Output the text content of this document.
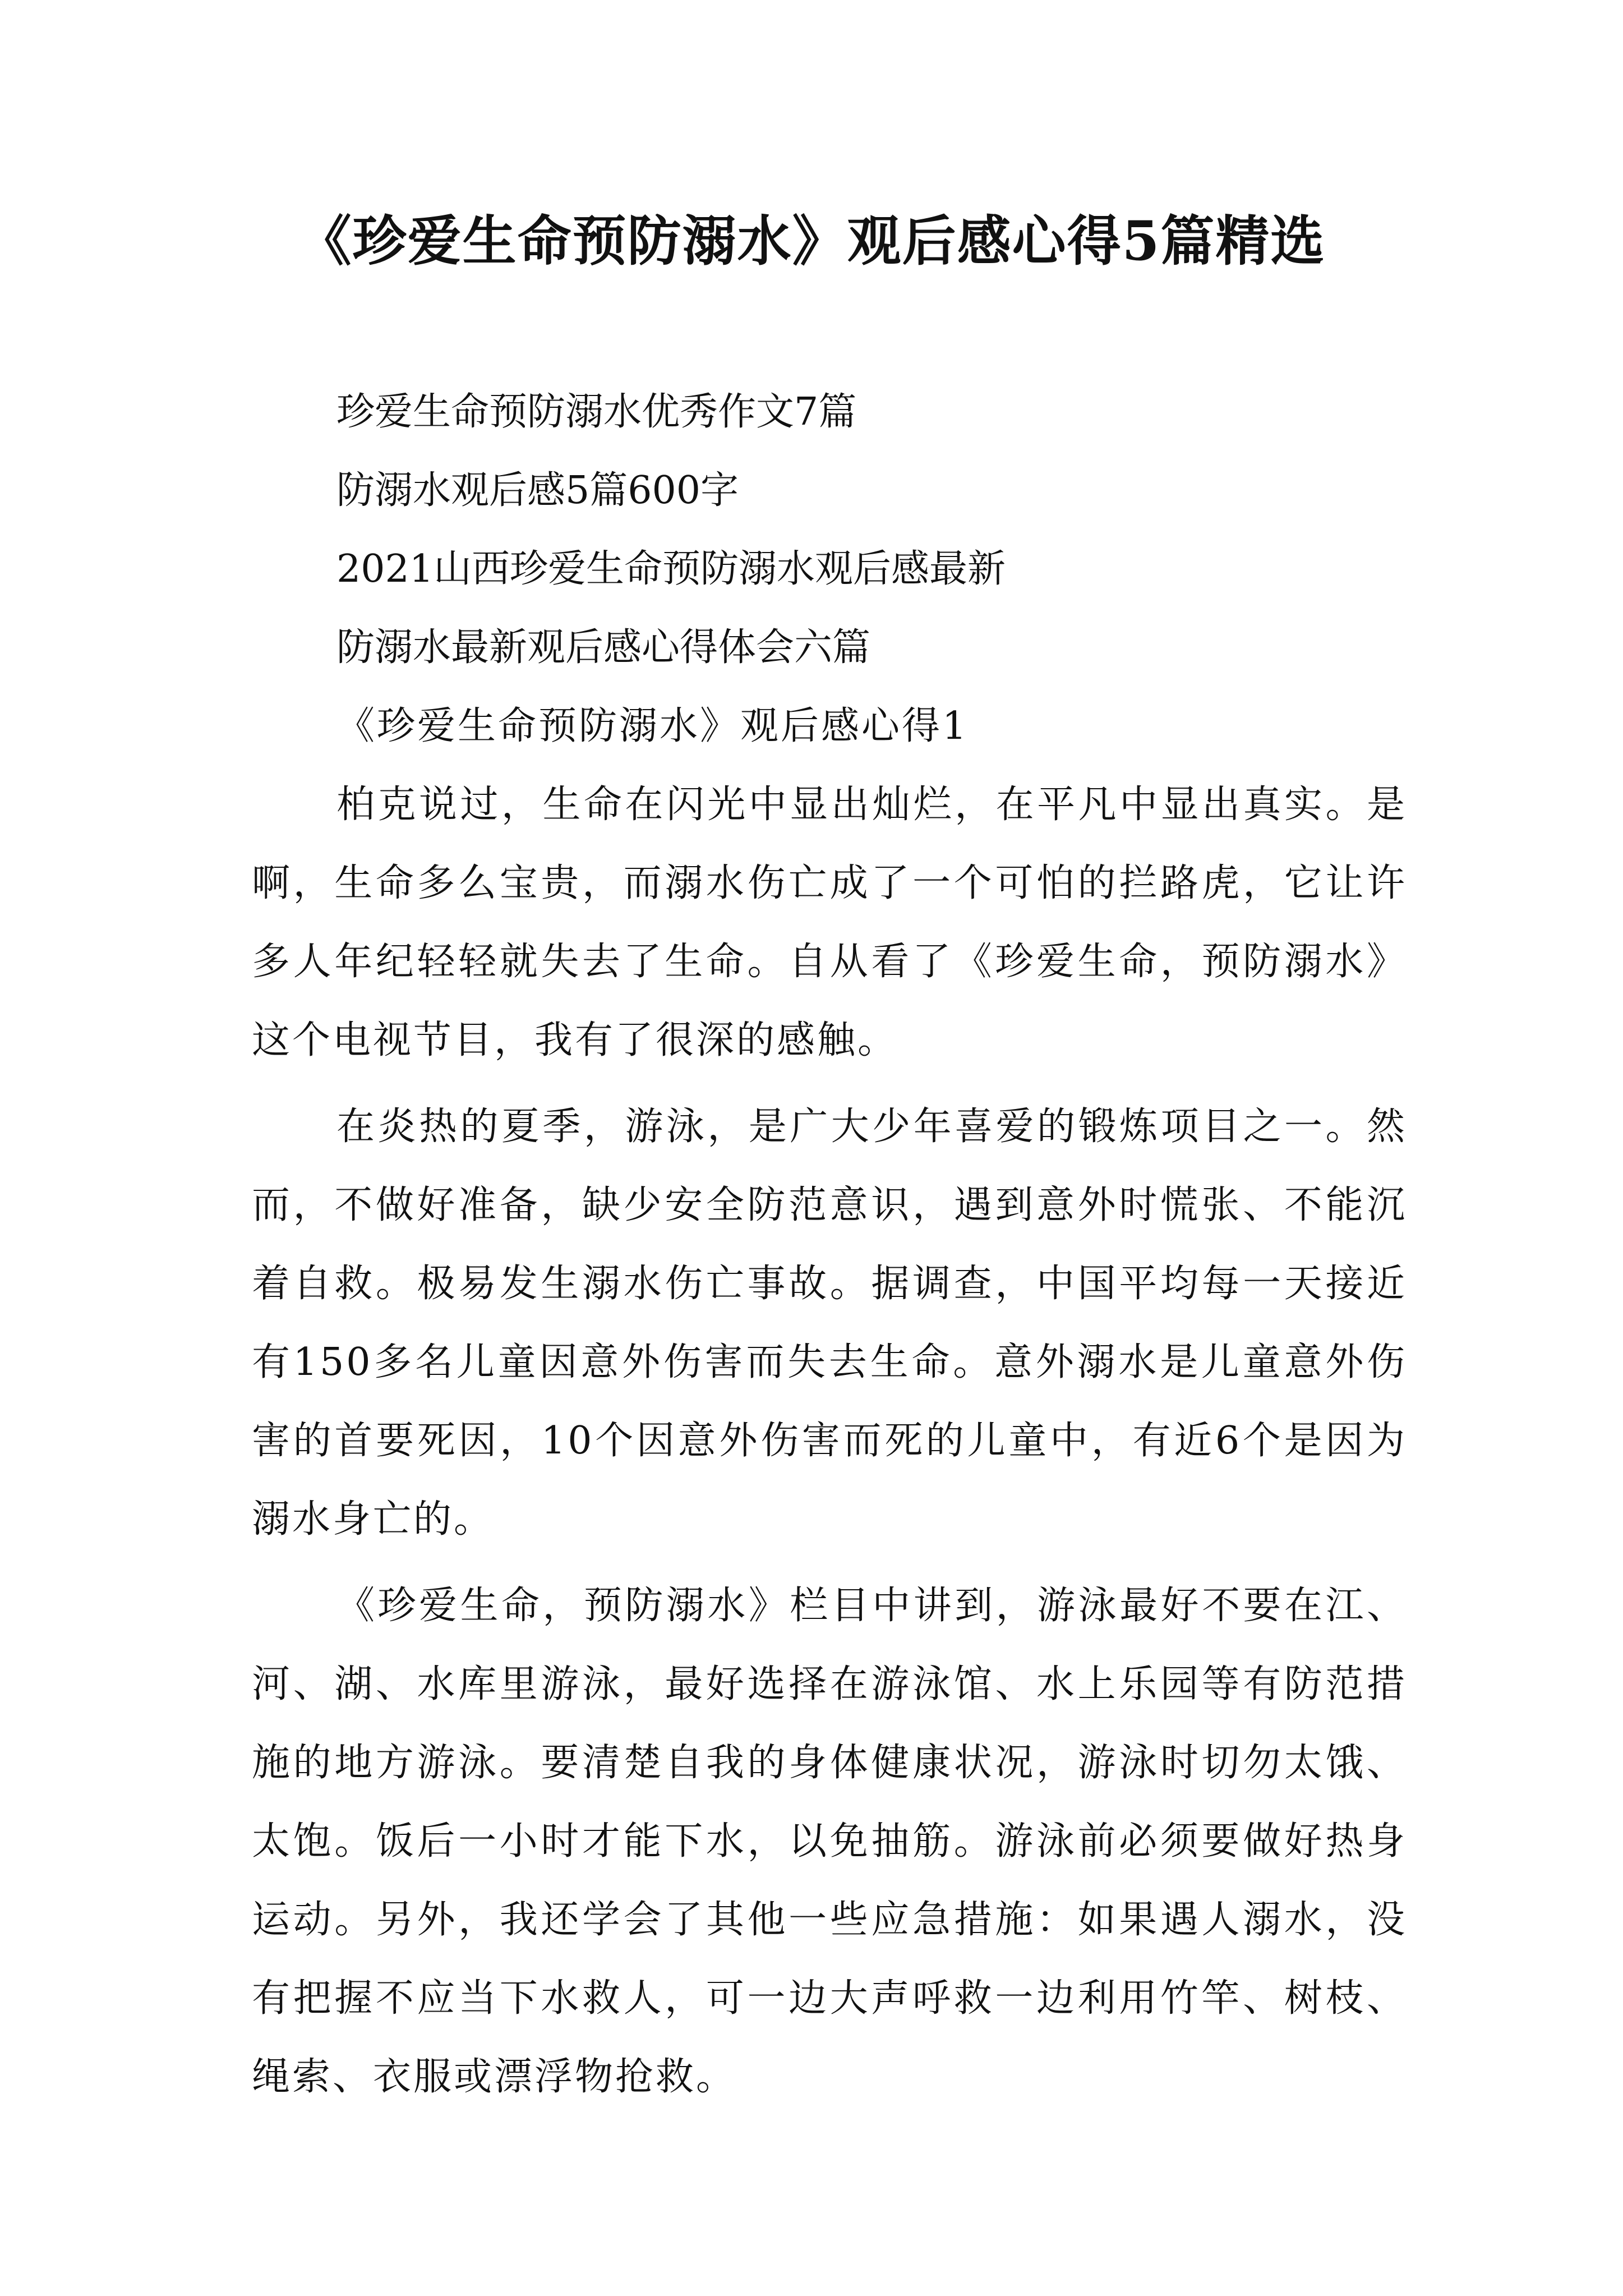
《珍爱生命预防溺水》观后感心得5篇精选
珍爱生命预防溺水优秀作文7篇
防溺水观后感5篇600字
2021山西珍爱生命预防溺水观后感最新
防溺水最新观后感心得体会六篇

《珍爱生命预防溺水》观后感心得1

柏克说过，生命在闪光中显出灿烂，在平凡中显出真实。是啊，生命多么宝贵，而溺水伤亡成了一个可怕的拦路虎，它让许多人年纪轻轻就失去了生命。自从看了《珍爱生命，预防溺水》这个电视节目，我有了很深的感触。

在炎热的夏季，游泳，是广大少年喜爱的锻炼项目之一。然而，不做好准备，缺少安全防范意识，遇到意外时慌张、不能沉着自救。极易发生溺水伤亡事故。据调查，中国平均每一天接近有150多名儿童因意外伤害而失去生命。意外溺水是儿童意外伤害的首要死因，10个因意外伤害而死的儿童中，有近6个是因为溺水身亡的。

《珍爱生命，预防溺水》栏目中讲到，游泳最好不要在江、河、湖、水库里游泳，最好选择在游泳馆、水上乐园等有防范措施的地方游泳。要清楚自我的身体健康状况，游泳时切勿太饿、太饱。饭后一小时才能下水，以免抽筋。游泳前必须要做好热身运动。另外，我还学会了其他一些应急措施：如果遇人溺水，没有把握不应当下水救人，可一边大声呼救一边利用竹竿、树枝、绳索、衣服或漂浮物抢救。
